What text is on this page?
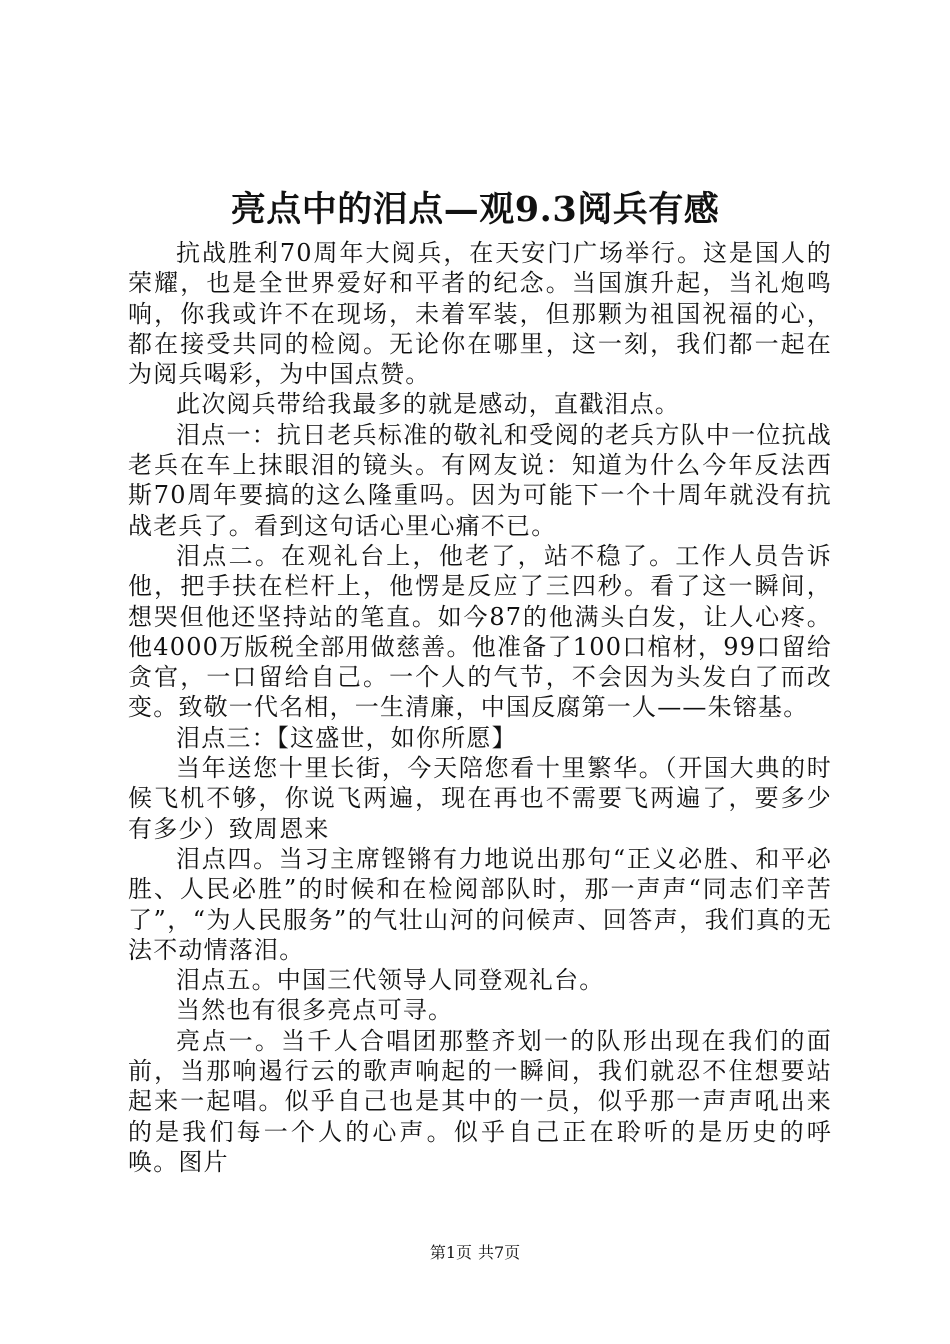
亮点中的泪点—观9.3阅兵有感

抗战胜利70周年大阅兵，在天安门广场举行。这是国人的荣耀，也是全世界爱好和平者的纪念。当国旗升起，当礼炮鸣响，你我或许不在现场，未着军装，但那颗为祖国祝福的心，都在接受共同的检阅。无论你在哪里，这一刻，我们都一起在为阅兵喝彩，为中国点赞。

此次阅兵带给我最多的就是感动，直戳泪点。

泪点一：抗日老兵标准的敬礼和受阅的老兵方队中一位抗战老兵在车上抹眼泪的镜头。有网友说：知道为什么今年反法西斯70周年要搞的这么隆重吗。因为可能下一个十周年就没有抗战老兵了。看到这句话心里心痛不已。

泪点二。在观礼台上，他老了，站不稳了。工作人员告诉他，把手扶在栏杆上，他愣是反应了三四秒。看了这一瞬间，想哭但他还坚持站的笔直。如今87的他满头白发，让人心疼。他4000万版税全部用做慈善。他准备了100口棺材，99口留给贪官，一口留给自己。一个人的气节，不会因为头发白了而改变。致敬一代名相，一生清廉，中国反腐第一人——朱镕基。

泪点三：【这盛世，如你所愿】

当年送您十里长街，今天陪您看十里繁华。（开国大典的时候飞机不够，你说飞两遍，现在再也不需要飞两遍了，要多少有多少）致周恩来

泪点四。当习主席铿锵有力地说出那句“正义必胜、和平必胜、人民必胜”的时候和在检阅部队时，那一声声“同志们辛苦了”，“为人民服务”的气壮山河的问候声、回答声，我们真的无法不动情落泪。

泪点五。中国三代领导人同登观礼台。

当然也有很多亮点可寻。

亮点一。当千人合唱团那整齐划一的队形出现在我们的面前，当那响遏行云的歌声响起的一瞬间，我们就忍不住想要站起来一起唱。似乎自己也是其中的一员，似乎那一声声吼出来的是我们每一个人的心声。似乎自己正在聆听的是历史的呼唤。图片

第1页 共7页
